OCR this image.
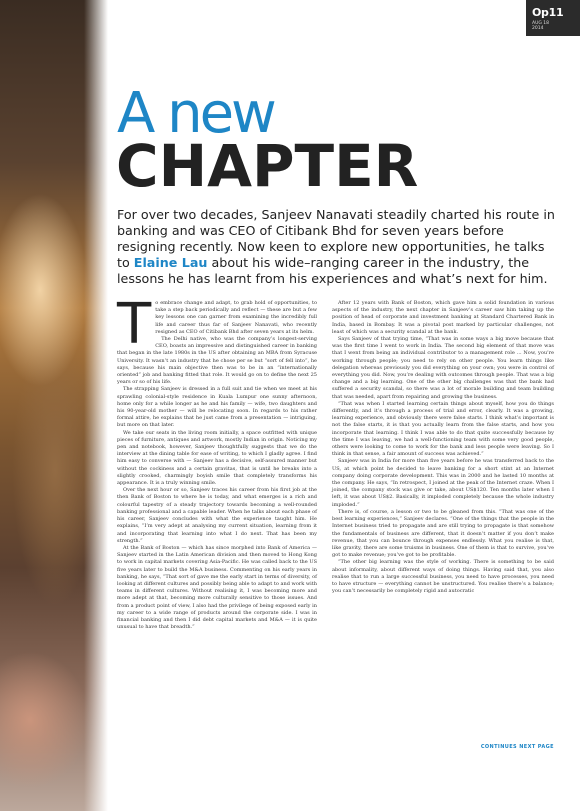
Op11
AUG 18
2014
A new
CHAPTER
For over two decades, Sanjeev Nanavati steadily charted his route in banking and was CEO of Citibank Bhd for seven years before resigning recently. Now keen to explore new opportunities, he talks to Elaine Lau about his wide–ranging career in the industry, the lessons he has learnt from his experiences and what’s next for him.
T o embrace change and adapt, to grab hold of opportunities, to take a step back periodically and reflect — these are but a few key lessons one can garner from examining the incredibly full life and career thus far of Sanjeev Nanavati, who recently resigned as CEO of Citibank Bhd after seven years at its helm.

The Delhi native, who was the company’s longest-serving CEO, boasts an impressive and distinguished career in banking that began in the late 1980s in the US after obtaining an MBA from Syracuse University. It wasn’t an industry that he chose per se but “sort of fell into”, he says, because his main objective then was to be in an “internationally oriented” job and banking fitted that role. It would go on to define the next 25 years or so of his life.

The strapping Sanjeev is dressed in a full suit and tie when we meet at his sprawling colonial-style residence in Kuala Lumpur one sunny afternoon, home only for a while longer as he and his family — wife, two daughters and his 90-year-old mother — will be relocating soon. In regards to his rather formal attire, he explains that he just came from a presentation — intriguing, but more on that later.

We take our seats in the living room initially, a space outfitted with unique pieces of furniture, antiques and artwork, mostly Indian in origin. Noticing my pen and notebook, however, Sanjeev thoughtfully suggests that we do the interview at the dining table for ease of writing, to which I gladly agree. I find him easy to converse with — Sanjeev has a decisive, self-assured manner but without the cockiness and a certain gravitas, that is until he breaks into a slightly crooked, charmingly boyish smile that completely transforms his appearance. It is a truly winning smile.

Over the next hour or so, Sanjeev traces his career from his first job at the then Bank of Boston to where he is today, and what emerges is a rich and colourful tapestry of a steady trajectory towards becoming a well-rounded banking professional and a capable leader. When he talks about each phase of his career, Sanjeev concludes with what the experience taught him. He explains, “I’m very adept at analysing my current situation, learning from it and incorporating that learning into what I do next. That has been my strength.”

At the Bank of Boston — which has since morphed into Bank of America — Sanjeev started in the Latin American division and then moved to Hong Kong to work in capital markets covering Asia-Pacific. He was called back to the US five years later to build the M&A business. Commenting on his early years in banking, he says, “That sort of gave me the early start in terms of diversity, of looking at different cultures and possibly being able to adapt to and work with teams in different cultures. Without realising it, I was becoming more and more adept at that, becoming more culturally sensitive to those issues. And from a product point of view, I also had the privilege of being exposed early in my career to a wide range of products around the corporate side. I was in financial banking and then I did debt capital markets and M&A — it is quite unusual to have that breadth.”

After 12 years with Bank of Boston, which gave him a solid foundation in various aspects of the industry, the next chapter in Sanjeev’s career saw him taking up the position of head of corporate and investment banking at Standard Chartered Bank in India, based in Bombay. It was a pivotal post marked by particular challenges, not least of which was a security scandal at the bank.

Says Sanjeev of that trying time, “That was in some ways a big move because that was the first time I went to work in India. The second big element of that move was that I went from being an individual contributor to a management role ... Now, you’re working through people; you need to rely on other people. You learn things like delegation whereas previously you did everything on your own; you were in control of everything you did. Now, you’re dealing with outcomes through people. That was a big change and a big learning. One of the other big challenges was that the bank had suffered a security scandal, so there was a lot of morale building and team building that was needed, apart from repairing and growing the business.

“That was when I started learning certain things about myself, how you do things differently, and it’s through a process of trial and error, clearly. It was a growing, learning experience, and obviously there were false starts. I think what’s important is not the false starts, it is that you actually learn from the false starts, and how you incorporate that learning. I think I was able to do that quite successfully because by the time I was leaving, we had a well-functioning team with some very good people, others were looking to come to work for the bank and less people were leaving. So I think in that sense, a fair amount of success was achieved.”

Sanjeev was in India for more than five years before he was transferred back to the US, at which point he decided to leave banking for a short stint at an Internet company doing corporate development. This was in 2000 and he lasted 10 months at the company. He says, “In retrospect, I joined at the peak of the Internet craze. When I joined, the company stock was give or take, about US$120. Ten months later when I left, it was about US$2. Basically, it imploded completely because the whole industry imploded.”

There is, of course, a lesson or two to be gleaned from this. “That was one of the best learning experiences,” Sanjeev declares. “One of the things that the people in the Internet business tried to propagate and are still trying to propagate is that somehow the fundamentals of business are different, that it doesn’t matter if you don’t make revenue, that you can bounce through expenses endlessly. What you realise is that, like gravity, there are some truisms in business. One of them is that to survive, you’ve got to make revenue; you’ve got to be profitable.

“The other big learning was the style of working. There is something to be said about informality, about different ways of doing things. Having said that, you also realise that to run a large successful business, you need to have processes, you need to have structure — everything cannot be unstructured. You realise there’s a balance; you can’t necessarily be completely rigid and autocratic

CONTINUES NEXT PAGE
